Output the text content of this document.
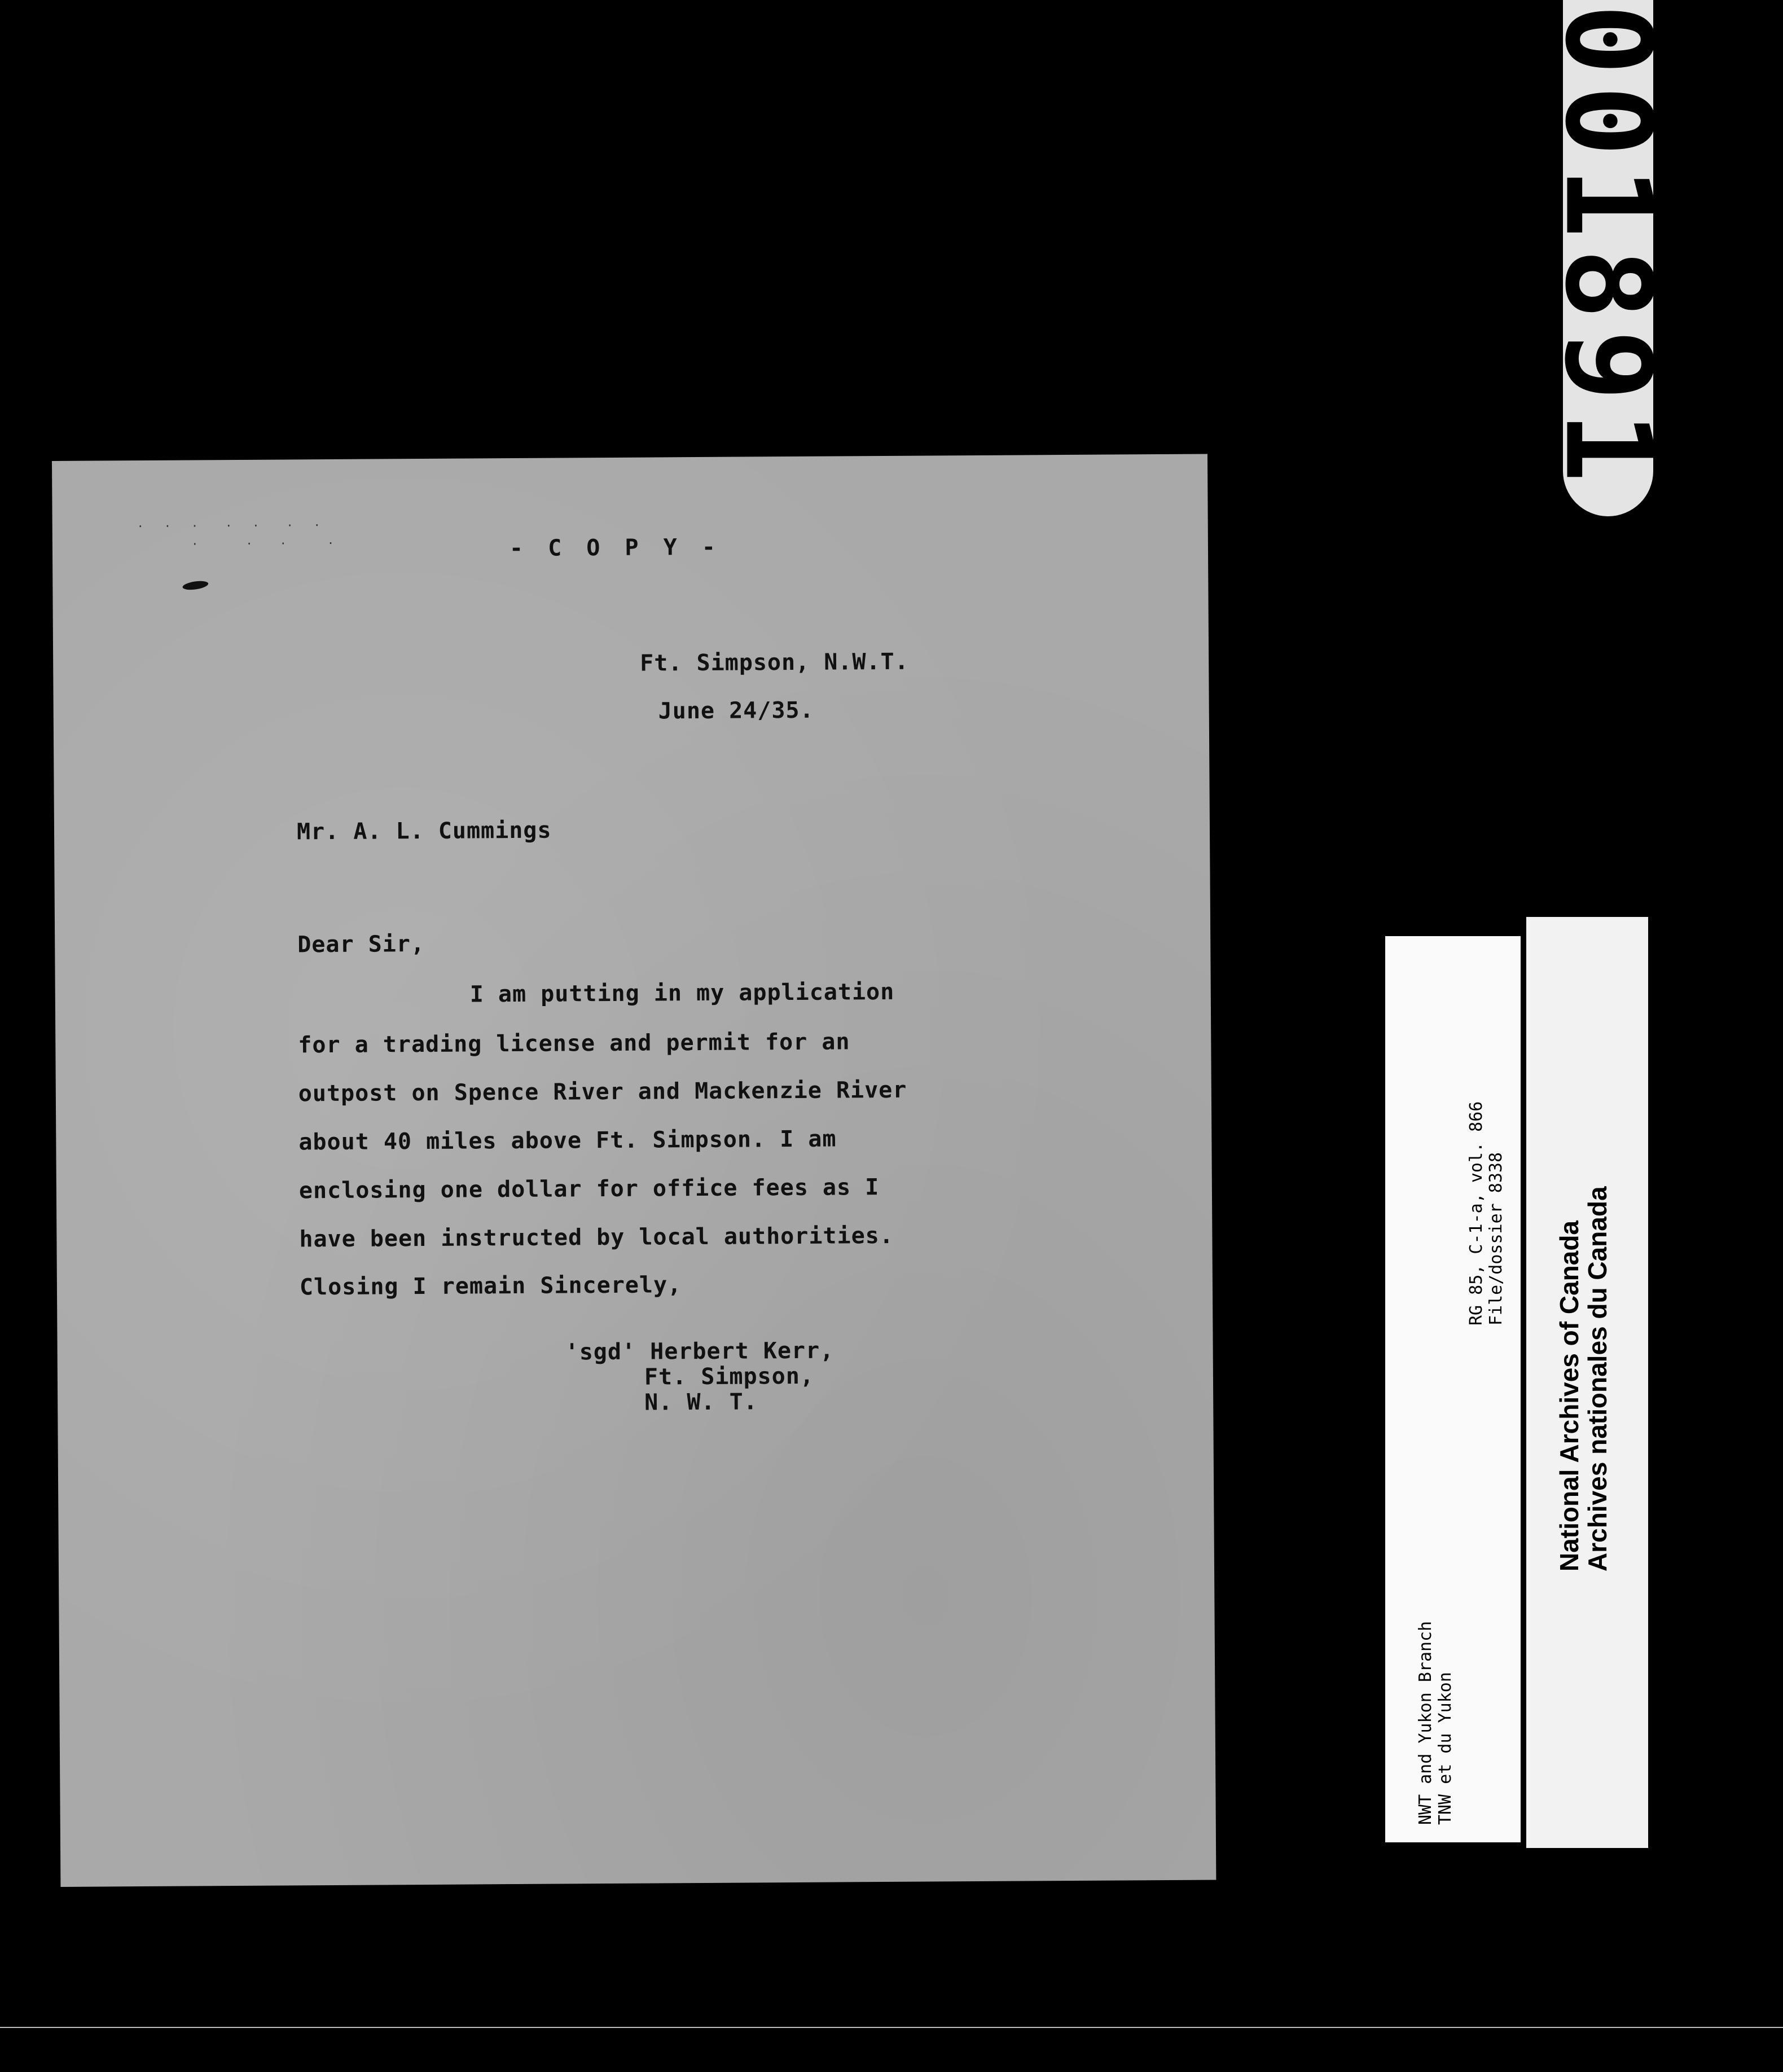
.   .   .    .   .    .   .
.       .    .      .	- C O P Y -
Ft. Simpson, N.W.T.
June 24/35.
Mr. A. L. Cummings
Dear Sir,
I am putting in my application
for a trading license and permit for an
outpost on Spence River and Mackenzie River
about 40 miles above Ft. Simpson. I am
enclosing one dollar for office fees as I
have been instructed by local authorities.
Closing I remain Sincerely,
'sgd' Herbert Kerr,
Ft. Simpson,
N. W. T.
001891
NWT and Yukon Branch TNW et du Yukon
RG 85, C-1-a, vol. 866 File/dossier 8338 National Archives of Canada
Archives nationales du Canada
